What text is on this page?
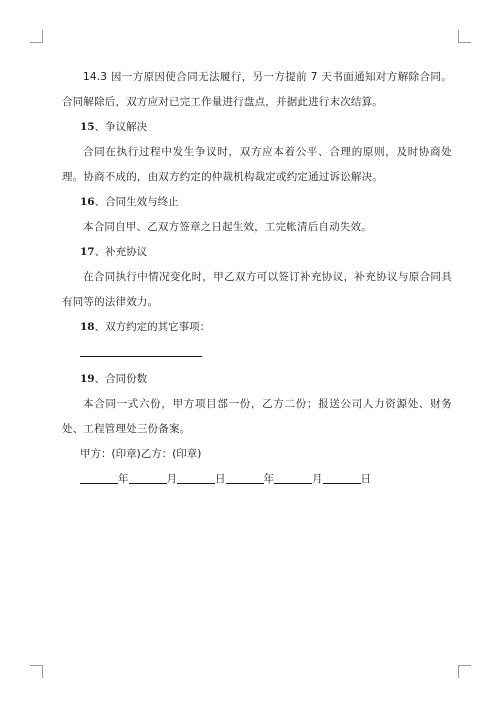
14.3 因一方原因使合同无法履行，另一方提前 7 天书面通知对方解除合同。合同解除后，双方应对已完工作量进行盘点，并据此进行末次结算。

15、争议解决

合同在执行过程中发生争议时，双方应本着公平、合理的原则，及时协商处理。协商不成的，由双方约定的仲裁机构裁定或约定通过诉讼解决。

16、合同生效与终止

本合同自甲、乙双方签章之日起生效，工完帐清后自动失效。

17、补充协议

在合同执行中情况变化时，甲乙双方可以签订补充协议，补充协议与原合同具有同等的法律效力。

18、双方约定的其它事项：

19、合同份数

本合同一式六份，甲方项目部一份，乙方二份；报送公司人力资源处、财务处、工程管理处三份备案。

甲方：(印章)乙方：(印章)

年	月	日	年	月	日
